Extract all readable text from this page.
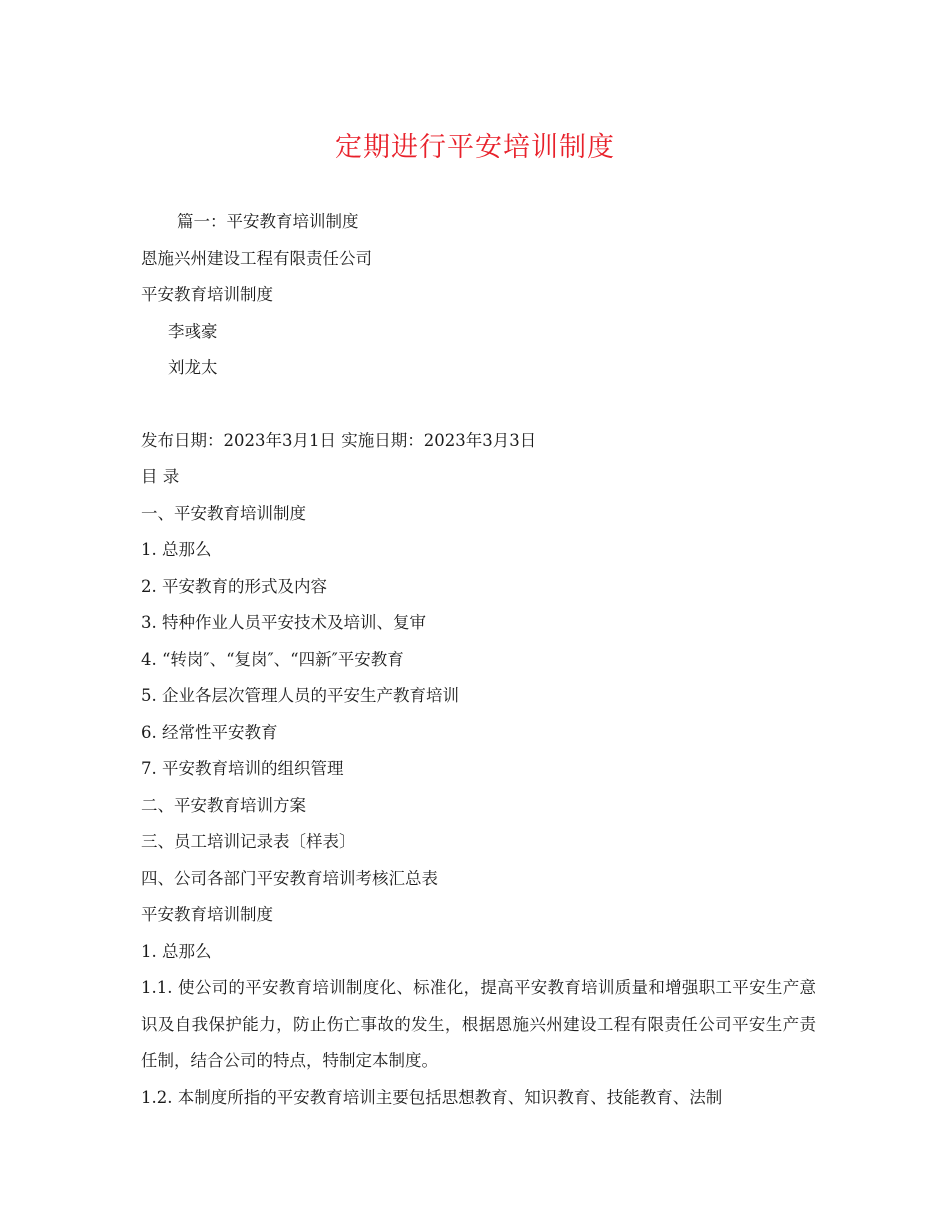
定期进行平安培训制度
篇一：平安教育培训制度
恩施兴州建设工程有限责任公司
平安教育培训制度
李彧豪
刘龙太
发布日期：2023年3月1日 实施日期：2023年3月3日
目 录
一、平安教育培训制度
1. 总那么
2. 平安教育的形式及内容
3. 特种作业人员平安技术及培训、复审
4. “转岗″、“复岗″、“四新″平安教育
5. 企业各层次管理人员的平安生产教育培训
6. 经常性平安教育
7. 平安教育培训的组织管理
二、平安教育培训方案
三、员工培训记录表〔样表〕
四、公司各部门平安教育培训考核汇总表
平安教育培训制度
1. 总那么
1.1. 使公司的平安教育培训制度化、标准化，提高平安教育培训质量和增强职工平安生产意识及自我保护能力，防止伤亡事故的发生，根据恩施兴州建设工程有限责任公司平安生产责任制，结合公司的特点，特制定本制度。
1.2. 本制度所指的平安教育培训主要包括思想教育、知识教育、技能教育、法制
